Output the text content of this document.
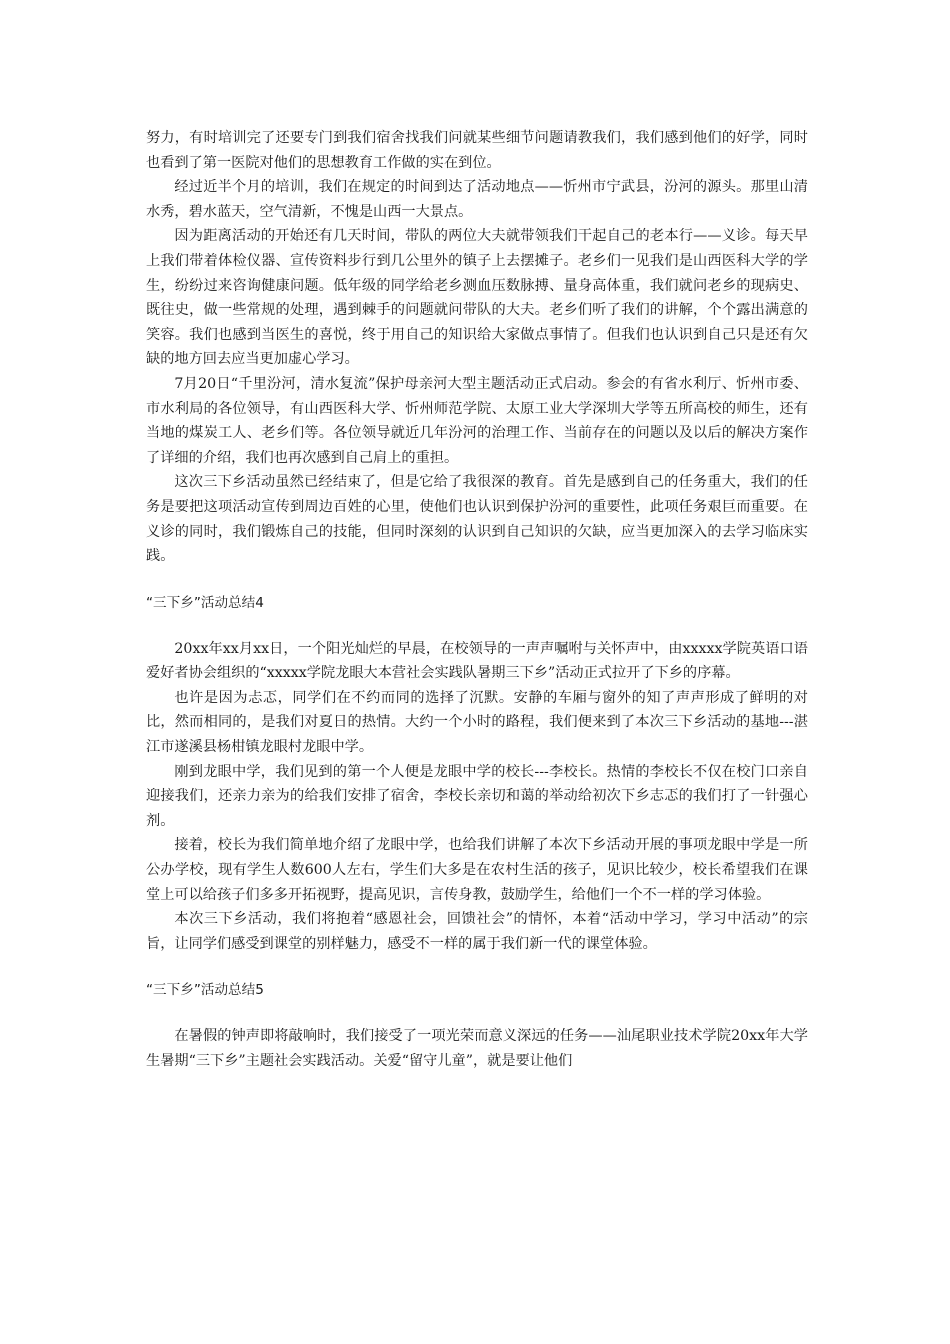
努力，有时培训完了还要专门到我们宿舍找我们问就某些细节问题请教我们，我们感到他们的好学，同时也看到了第一医院对他们的思想教育工作做的实在到位。

经过近半个月的培训，我们在规定的时间到达了活动地点——忻州市宁武县，汾河的源头。那里山清水秀，碧水蓝天，空气清新，不愧是山西一大景点。

因为距离活动的开始还有几天时间，带队的两位大夫就带领我们干起自己的老本行——义诊。每天早上我们带着体检仪器、宣传资料步行到几公里外的镇子上去摆摊子。老乡们一见我们是山西医科大学的学生，纷纷过来咨询健康问题。低年级的同学给老乡测血压数脉搏、量身高体重，我们就问老乡的现病史、既往史，做一些常规的处理，遇到棘手的问题就问带队的大夫。老乡们听了我们的讲解，个个露出满意的笑容。我们也感到当医生的喜悦，终于用自己的知识给大家做点事情了。但我们也认识到自己只是还有欠缺的地方回去应当更加虚心学习。

7月20日“千里汾河，清水复流”保护母亲河大型主题活动正式启动。参会的有省水利厅、忻州市委、市水利局的各位领导，有山西医科大学、忻州师范学院、太原工业大学深圳大学等五所高校的师生，还有当地的煤炭工人、老乡们等。各位领导就近几年汾河的治理工作、当前存在的问题以及以后的解决方案作了详细的介绍，我们也再次感到自己肩上的重担。

这次三下乡活动虽然已经结束了，但是它给了我很深的教育。首先是感到自己的任务重大，我们的任务是要把这项活动宣传到周边百姓的心里，使他们也认识到保护汾河的重要性，此项任务艰巨而重要。在义诊的同时，我们锻炼自己的技能，但同时深刻的认识到自己知识的欠缺，应当更加深入的去学习临床实践。

“三下乡”活动总结4

20xx年xx月xx日，一个阳光灿烂的早晨，在校领导的一声声嘱咐与关怀声中，由xxxxx学院英语口语爱好者协会组织的“xxxxx学院龙眼大本营社会实践队暑期三下乡”活动正式拉开了下乡的序幕。

也许是因为忐忑，同学们在不约而同的选择了沉默。安静的车厢与窗外的知了声声形成了鲜明的对比，然而相同的，是我们对夏日的热情。大约一个小时的路程，我们便来到了本次三下乡活动的基地---湛江市遂溪县杨柑镇龙眼村龙眼中学。

刚到龙眼中学，我们见到的第一个人便是龙眼中学的校长---李校长。热情的李校长不仅在校门口亲自迎接我们，还亲力亲为的给我们安排了宿舍，李校长亲切和蔼的举动给初次下乡志忑的我们打了一针强心剂。

接着，校长为我们简单地介绍了龙眼中学，也给我们讲解了本次下乡活动开展的事项龙眼中学是一所公办学校，现有学生人数600人左右，学生们大多是在农村生活的孩子，见识比较少，校长希望我们在课堂上可以给孩子们多多开拓视野，提高见识，言传身教，鼓励学生，给他们一个不一样的学习体验。

本次三下乡活动，我们将抱着“感恩社会，回馈社会”的情怀，本着“活动中学习，学习中活动”的宗旨，让同学们感受到课堂的别样魅力，感受不一样的属于我们新一代的课堂体验。

“三下乡”活动总结5

在暑假的钟声即将敲响时，我们接受了一项光荣而意义深远的任务——汕尾职业技术学院20xx年大学生暑期“三下乡”主题社会实践活动。关爱“留守儿童”，就是要让他们
